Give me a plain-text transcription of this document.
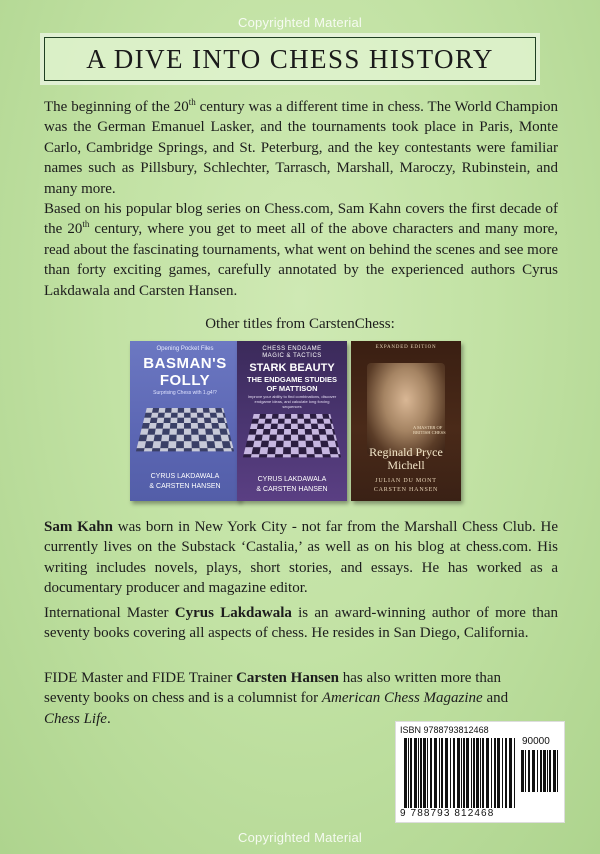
Copyrighted Material
A DIVE INTO CHESS HISTORY

The beginning of the 20th century was a different time in chess. The World Champion was the German Emanuel Lasker, and the tournaments took place in Paris, Monte Carlo, Cambridge Springs, and St. Peterburg, and the key contestants were familiar names such as Pillsbury, Schlechter, Tarrasch, Marshall, Maroczy, Rubinstein, and many more.

Based on his popular blog series on Chess.com, Sam Kahn covers the first decade of the 20th century, where you get to meet all of the above characters and many more, read about the fascinating tournaments, what went on behind the scenes and see more than forty exciting games, carefully annotated by the experienced authors Cyrus Lakdawala and Carsten Hansen.

Other titles from CarstenChess:
Opening Pocket Files
BASMAN'S
FOLLY
Surprising Chess with 1.g4!?
CYRUS LAKDAWALA
& CARSTEN HANSEN
CHESS ENDGAME
MAGIC & TACTICS
STARK BEAUTY
THE ENDGAME STUDIES
OF MATTISON
Improve your ability to find combinations, discover endgame ideas, and calculate long forcing sequences
CYRUS LAKDAWALA
& CARSTEN HANSEN
EXPANDED EDITION
A MASTER OF BRITISH CHESS
Reginald Pryce
Michell
JULIAN DU MONT
CARSTEN HANSEN

Sam Kahn was born in New York City - not far from the Marshall Chess Club. He currently lives on the Substack ‘Castalia,’ as well as on his blog at chess.com. His writing includes novels, plays, short stories, and essays. He has worked as a documentary producer and magazine editor.

International Master Cyrus Lakdawala is an award-winning author of more than seventy books covering all aspects of chess. He resides in San Diego, California.

FIDE Master and FIDE Trainer Carsten Hansen has also written more than seventy books on chess and is a columnist for American Chess Magazine and Chess Life.

ISBN 9788793812468
90000
9 788793 812468
Copyrighted Material
